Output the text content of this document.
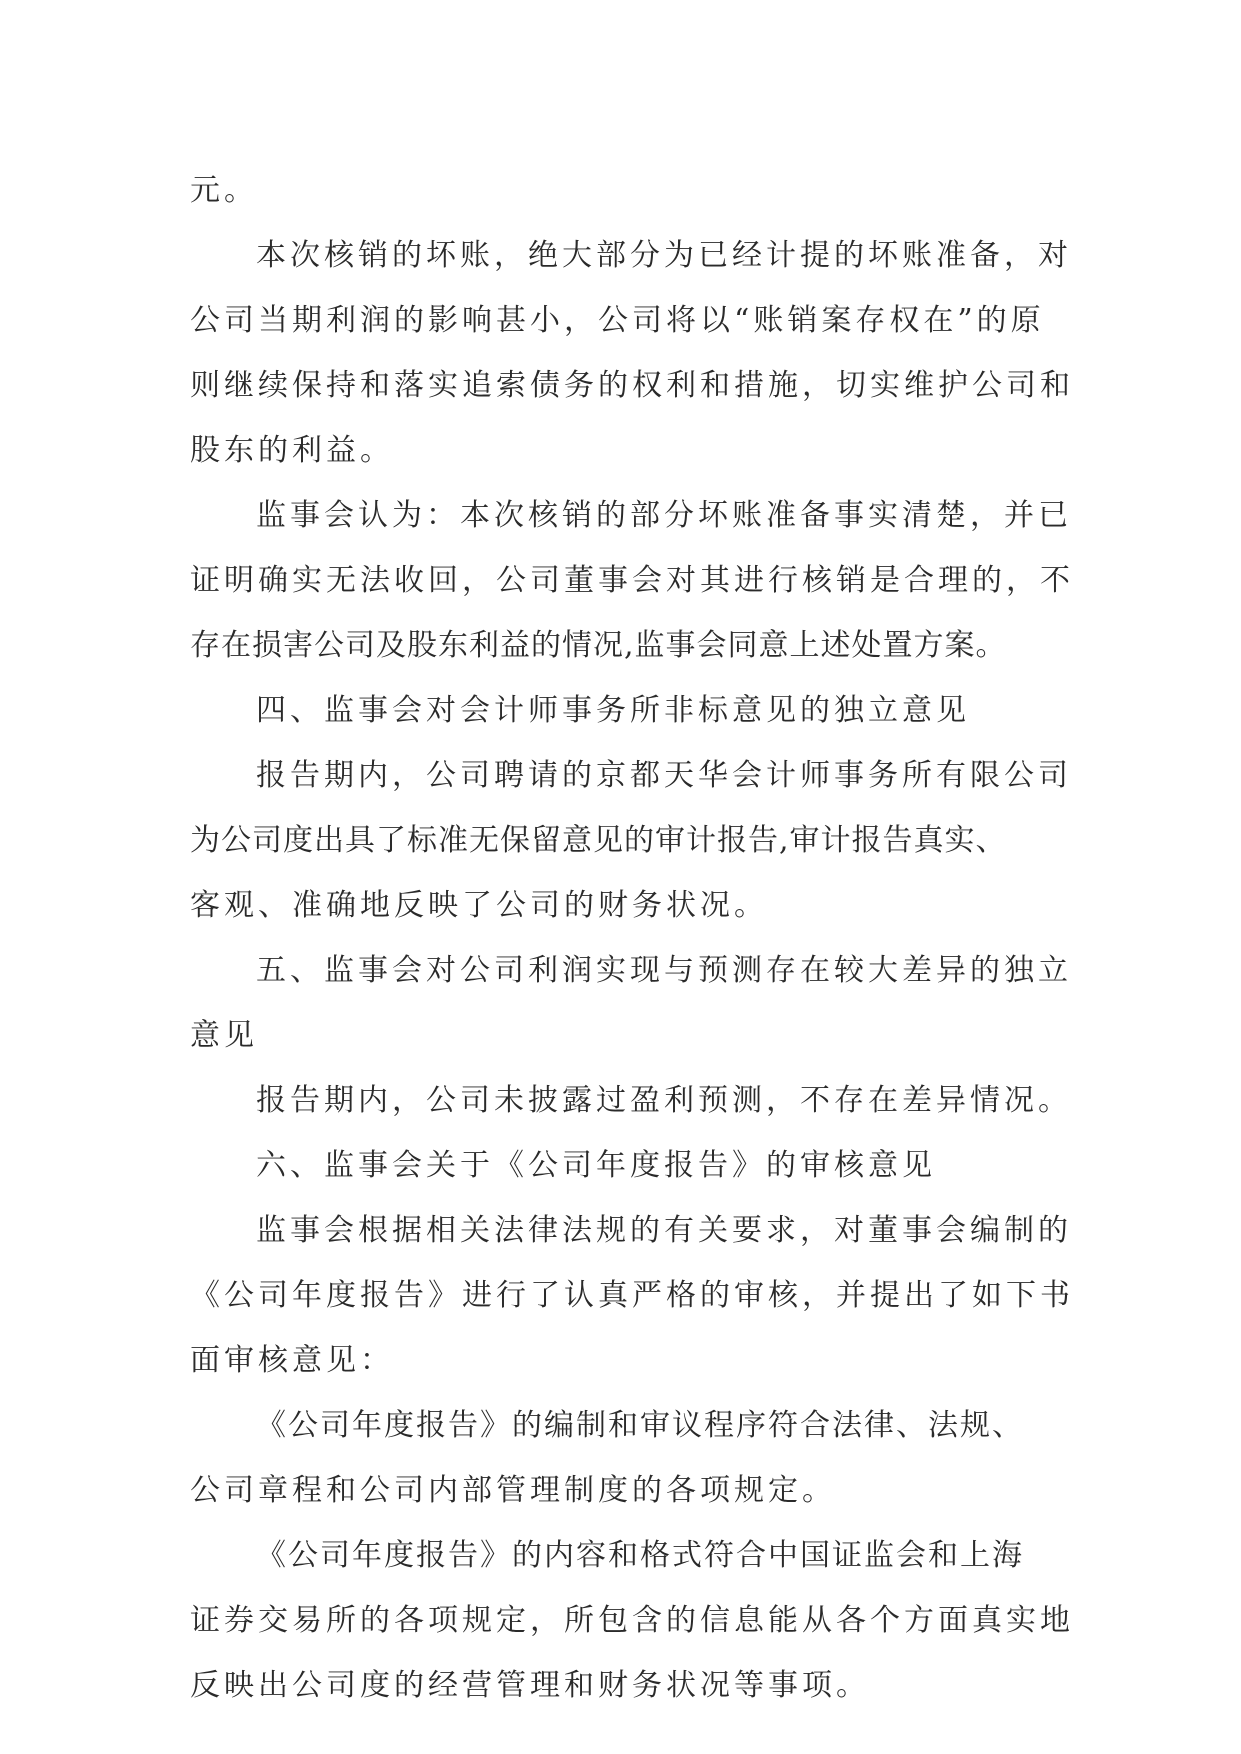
元。
本次核销的坏账，绝大部分为已经计提的坏账准备，对
公司当期利润的影响甚小，公司将以“账销案存权在”的原
则继续保持和落实追索债务的权利和措施，切实维护公司和
股东的利益。
监事会认为：本次核销的部分坏账准备事实清楚，并已
证明确实无法收回，公司董事会对其进行核销是合理的，不
存在损害公司及股东利益的情况,监事会同意上述处置方案。
四、监事会对会计师事务所非标意见的独立意见
报告期内，公司聘请的京都天华会计师事务所有限公司
为公司度出具了标准无保留意见的审计报告,审计报告真实、
客观、准确地反映了公司的财务状况。
五、监事会对公司利润实现与预测存在较大差异的独立
意见
报告期内，公司未披露过盈利预测，不存在差异情况。
六、监事会关于《公司年度报告》的审核意见
监事会根据相关法律法规的有关要求，对董事会编制的
《公司年度报告》进行了认真严格的审核，并提出了如下书
面审核意见：
《公司年度报告》的编制和审议程序符合法律、法规、
公司章程和公司内部管理制度的各项规定。
《公司年度报告》的内容和格式符合中国证监会和上海
证券交易所的各项规定，所包含的信息能从各个方面真实地
反映出公司度的经营管理和财务状况等事项。
